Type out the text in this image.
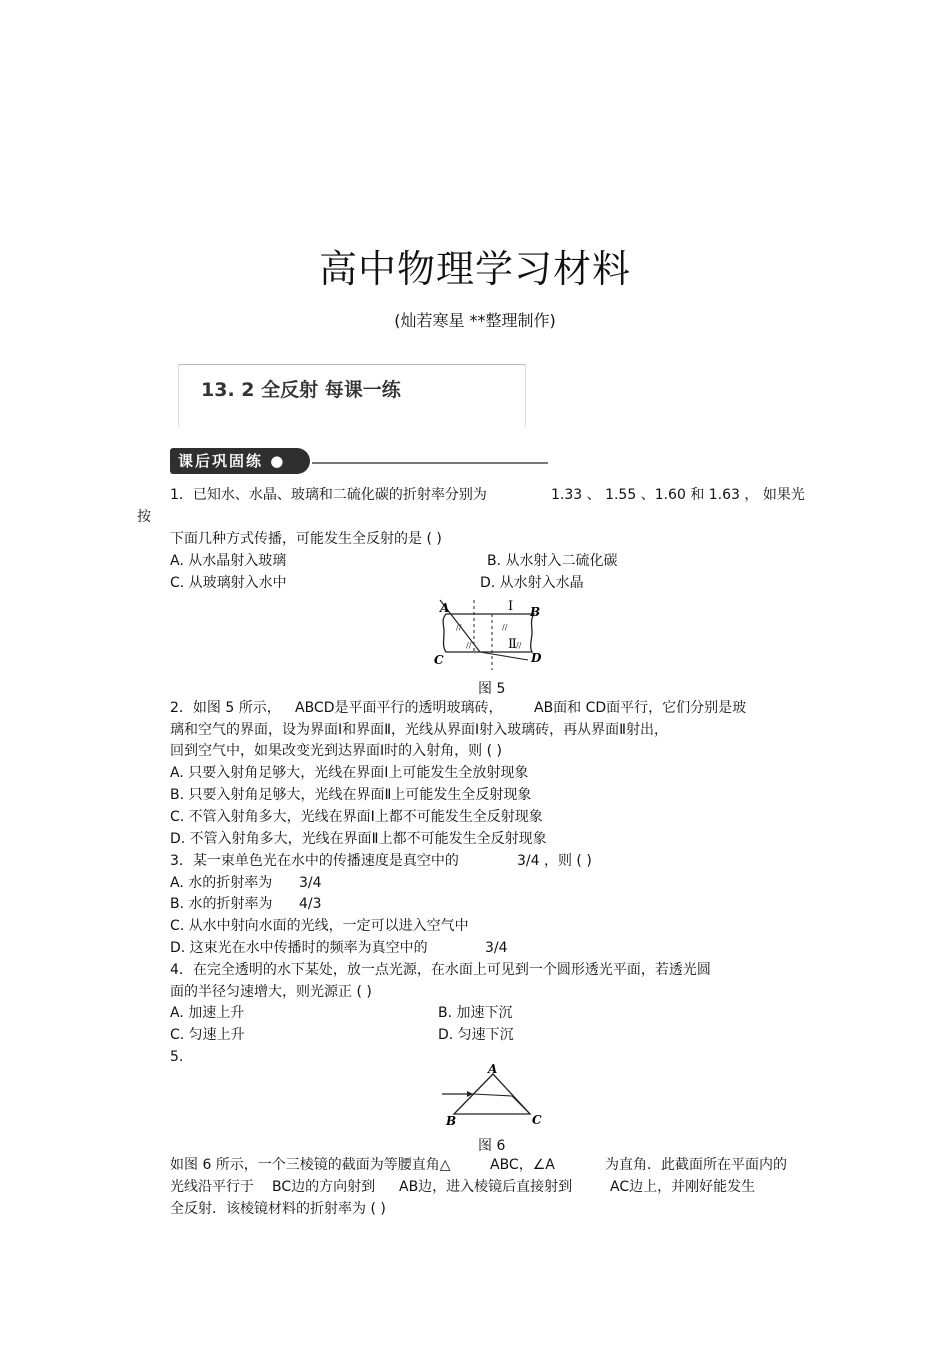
高中物理学习材料
(灿若寒星 **整理制作)
13. 2 全反射 每课一练
课后巩固练 ●
1．已知水、水晶、玻璃和二硫化碳的折射率分别为	1.33 、 1.55 、1.60 和 1.63 ， 如果光
按
下面几种方式传播，可能发生全反射的是 ( )
A. 从水晶射入玻璃	B. 从水射入二硫化碳
C. 从玻璃射入水中	D. 从水射入水晶
//
//
//
//
A	B
C	D
Ⅰ
Ⅱ
图 5
2．如图 5 所示， ABCD是平面平行的透明玻璃砖， AB面和 CD面平行，它们分别是玻
璃和空气的界面，设为界面Ⅰ和界面Ⅱ，光线从界面Ⅰ射入玻璃砖，再从界面Ⅱ射出，
回到空气中，如果改变光到达界面Ⅰ时的入射角，则 ( )
A. 只要入射角足够大，光线在界面Ⅰ上可能发生全放射现象
B. 只要入射角足够大，光线在界面Ⅱ上可能发生全反射现象
C. 不管入射角多大，光线在界面Ⅰ上都不可能发生全反射现象
D. 不管入射角多大，光线在界面Ⅱ上都不可能发生全反射现象
3．某一束单色光在水中的传播速度是真空中的	3/4 ，则 ( )
A. 水的折射率为 3/4
B. 水的折射率为 4/3
C. 从水中射向水面的光线，一定可以进入空气中
D. 这束光在水中传播时的频率为真空中的	3/4
4．在完全透明的水下某处，放一点光源，在水面上可见到一个圆形透光平面，若透光圆
面的半径匀速增大，则光源正 ( )
A. 加速上升	B. 加速下沉
C. 匀速上升	D. 匀速下沉
5.
A
B	C
图 6
如图 6 所示，一个三棱镜的截面为等腰直角△	ABC，∠A	为直角．此截面所在平面内的
光线沿平行于 BC边的方向射到 AB边，进入棱镜后直接射到	AC边上，并刚好能发生
全反射．该棱镜材料的折射率为 ( )
